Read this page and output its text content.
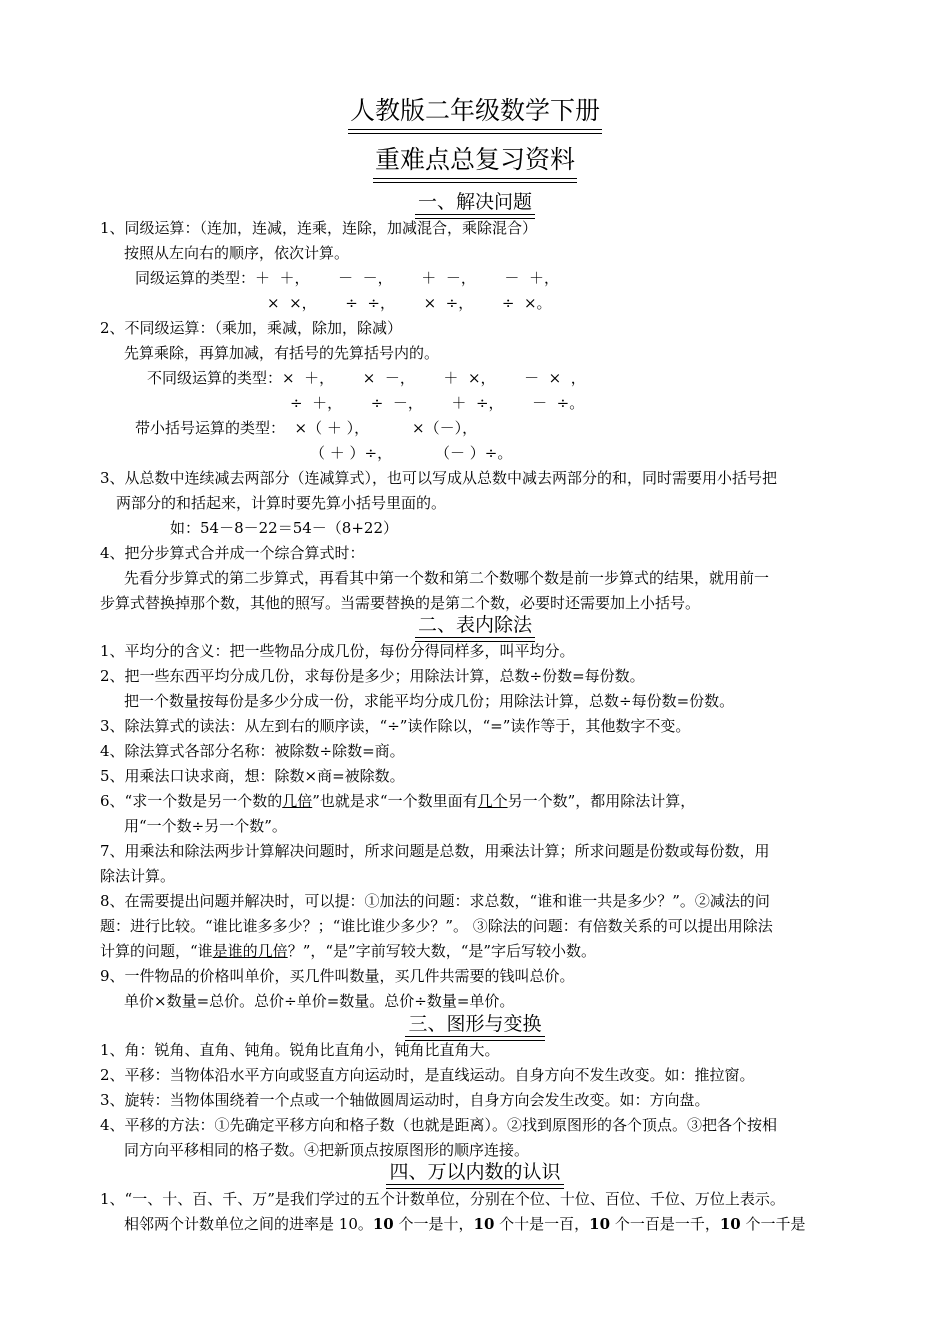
人教版二年级数学下册
重难点总复习资料
一、解决问题
1、同级运算：（连加，连减，连乘，连除，加减混合，乘除混合）
按照从左向右的顺序，依次计算。
同级运算的类型：＋  ＋，      －  －，      ＋  －，      －  ＋，
×  ×，      ÷  ÷，      ×  ÷，      ÷  ×。
2、不同级运算：（乘加，乘减，除加，除减）
先算乘除，再算加减，有括号的先算括号内的。
不同级运算的类型：×  ＋，      ×  －，      ＋  ×，      －  ×  ，
÷  ＋，      ÷  －，      ＋  ÷，      －  ÷。
带小括号运算的类型：  ×（ ＋ ），         ×（－），
（ ＋ ）÷，         （－ ）÷。
3、从总数中连续减去两部分（连减算式），也可以写成从总数中减去两部分的和，同时需要用小括号把
两部分的和括起来，计算时要先算小括号里面的。
如：54－8－22＝54－（8+22）
4、把分步算式合并成一个综合算式时：
先看分步算式的第二步算式，再看其中第一个数和第二个数哪个数是前一步算式的结果，就用前一
步算式替换掉那个数，其他的照写。当需要替换的是第二个数，必要时还需要加上小括号。
二、表内除法
1、平均分的含义：把一些物品分成几份，每份分得同样多，叫平均分。
2、把一些东西平均分成几份，求每份是多少；用除法计算，总数÷份数=每份数。
把一个数量按每份是多少分成一份，求能平均分成几份；用除法计算，总数÷每份数=份数。
3、除法算式的读法：从左到右的顺序读，“÷”读作除以，“=”读作等于，其他数字不变。
4、除法算式各部分名称：被除数÷除数=商。
5、用乘法口诀求商，想：除数×商=被除数。
6、“求一个数是另一个数的几倍”也就是求“一个数里面有几个另一个数”，都用除法计算，
用“一个数÷另一个数”。
7、用乘法和除法两步计算解决问题时，所求问题是总数，用乘法计算；所求问题是份数或每份数，用
除法计算。
8、在需要提出问题并解决时，可以提：①加法的问题：求总数，“谁和谁一共是多少？”。②减法的问
题：进行比较。“谁比谁多多少？；“谁比谁少多少？”。 ③除法的问题：有倍数关系的可以提出用除法
计算的问题，“谁是谁的几倍？”，“是”字前写较大数，“是”字后写较小数。
9、一件物品的价格叫单价，买几件叫数量，买几件共需要的钱叫总价。
单价×数量=总价。总价÷单价=数量。总价÷数量=单价。
三、图形与变换
1、角：锐角、直角、钝角。锐角比直角小，钝角比直角大。
2、平移：当物体沿水平方向或竖直方向运动时，是直线运动。自身方向不发生改变。如：推拉窗。
3、旋转：当物体围绕着一个点或一个轴做圆周运动时，自身方向会发生改变。如：方向盘。
4、平移的方法：①先确定平移方向和格子数（也就是距离）。②找到原图形的各个顶点。③把各个按相
同方向平移相同的格子数。④把新顶点按原图形的顺序连接。
四、万以内数的认识
1、“一、十、百、千、万”是我们学过的五个计数单位，分别在个位、十位、百位、千位、万位上表示。
相邻两个计数单位之间的进率是 10。10 个一是十，10 个十是一百，10 个一百是一千，10 个一千是
